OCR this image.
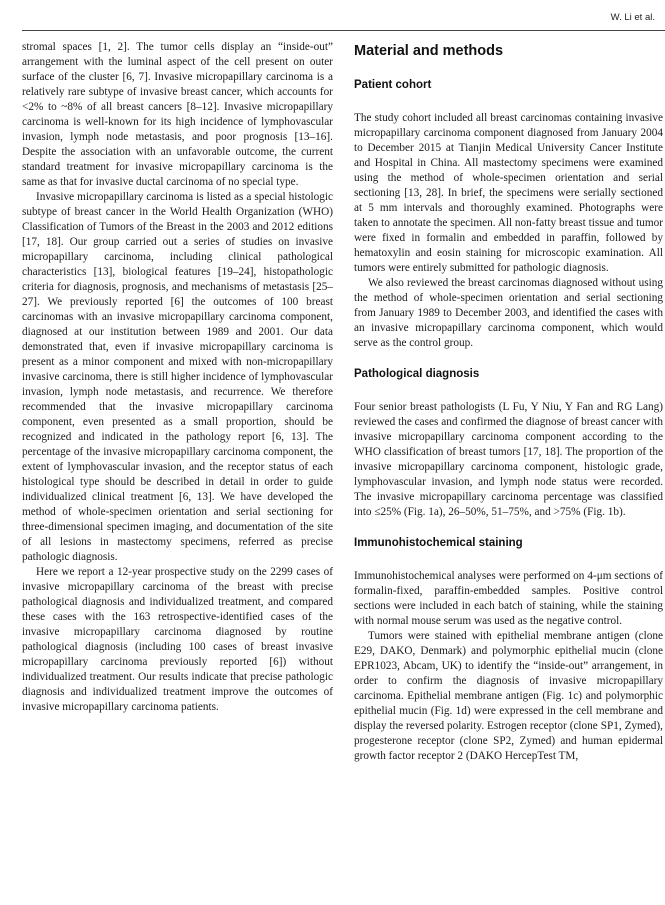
W. Li et al.

stromal spaces [1, 2]. The tumor cells display an “inside-out” arrangement with the luminal aspect of the cell present on outer surface of the cluster [6, 7]. Invasive micropapillary carcinoma is a relatively rare subtype of invasive breast cancer, which accounts for <2% to ~8% of all breast cancers [8–12]. Invasive micropapillary carcinoma is well-known for its high incidence of lymphovascular invasion, lymph node metastasis, and poor prognosis [13–16]. Despite the association with an unfavorable outcome, the current standard treatment for invasive micropapillary carcinoma is the same as that for invasive ductal carcinoma of no special type.

Invasive micropapillary carcinoma is listed as a special histologic subtype of breast cancer in the World Health Organization (WHO) Classification of Tumors of the Breast in the 2003 and 2012 editions [17, 18]. Our group carried out a series of studies on invasive micropapillary carcinoma, including clinical pathological characteristics [13], biological features [19–24], histopathologic criteria for diagnosis, prognosis, and mechanisms of metastasis [25–27]. We previously reported [6] the outcomes of 100 breast carcinomas with an invasive micropapillary carcinoma component, diagnosed at our institution between 1989 and 2001. Our data demonstrated that, even if invasive micropapillary carcinoma is present as a minor component and mixed with non-micropapillary invasive carcinoma, there is still higher incidence of lymphovascular invasion, lymph node metastasis, and recurrence. We therefore recommended that the invasive micropapillary carcinoma component, even presented as a small proportion, should be recognized and indicated in the pathology report [6, 13]. The percentage of the invasive micropapillary carcinoma component, the extent of lymphovascular invasion, and the receptor status of each histological type should be described in detail in order to guide individualized clinical treatment [6, 13]. We have developed the method of whole-specimen orientation and serial sectioning for three-dimensional specimen imaging, and documentation of the site of all lesions in mastectomy specimens, referred as precise pathologic diagnosis.

Here we report a 12-year prospective study on the 2299 cases of invasive micropapillary carcinoma of the breast with precise pathological diagnosis and individualized treatment, and compared these cases with the 163 retrospective-identified cases of the invasive micropapillary carcinoma diagnosed by routine pathological diagnosis (including 100 cases of breast invasive micropapillary carcinoma previously reported [6]) without individualized treatment. Our results indicate that precise pathologic diagnosis and individualized treatment improve the outcomes of invasive micropapillary carcinoma patients.

Material and methods
Patient cohort

The study cohort included all breast carcinomas containing invasive micropapillary carcinoma component diagnosed from January 2004 to December 2015 at Tianjin Medical University Cancer Institute and Hospital in China. All mastectomy specimens were examined using the method of whole-specimen orientation and serial sectioning [13, 28]. In brief, the specimens were serially sectioned at 5 mm intervals and thoroughly examined. Photographs were taken to annotate the specimen. All non-fatty breast tissue and tumor were fixed in formalin and embedded in paraffin, followed by hematoxylin and eosin staining for microscopic examination. All tumors were entirely submitted for pathologic diagnosis.

We also reviewed the breast carcinomas diagnosed without using the method of whole-specimen orientation and serial sectioning from January 1989 to December 2003, and identified the cases with an invasive micropapillary carcinoma component, which would serve as the control group.

Pathological diagnosis

Four senior breast pathologists (L Fu, Y Niu, Y Fan and RG Lang) reviewed the cases and confirmed the diagnose of breast cancer with invasive micropapillary carcinoma component according to the WHO classification of breast tumors [17, 18]. The proportion of the invasive micropapillary carcinoma component, histologic grade, lymphovascular invasion, and lymph node status were recorded. The invasive micropapillary carcinoma percentage was classified into ≤25% (Fig. 1a), 26–50%, 51–75%, and >75% (Fig. 1b).

Immunohistochemical staining

Immunohistochemical analyses were performed on 4-μm sections of formalin-fixed, paraffin-embedded samples. Positive control sections were included in each batch of staining, while the staining with normal mouse serum was used as the negative control.

Tumors were stained with epithelial membrane antigen (clone E29, DAKO, Denmark) and polymorphic epithelial mucin (clone EPR1023, Abcam, UK) to identify the “inside-out” arrangement, in order to confirm the diagnosis of invasive micropapillary carcinoma. Epithelial membrane antigen (Fig. 1c) and polymorphic epithelial mucin (Fig. 1d) were expressed in the cell membrane and display the reversed polarity. Estrogen receptor (clone SP1, Zymed), progesterone receptor (clone SP2, Zymed) and human epidermal growth factor receptor 2 (DAKO HercepTest TM,
